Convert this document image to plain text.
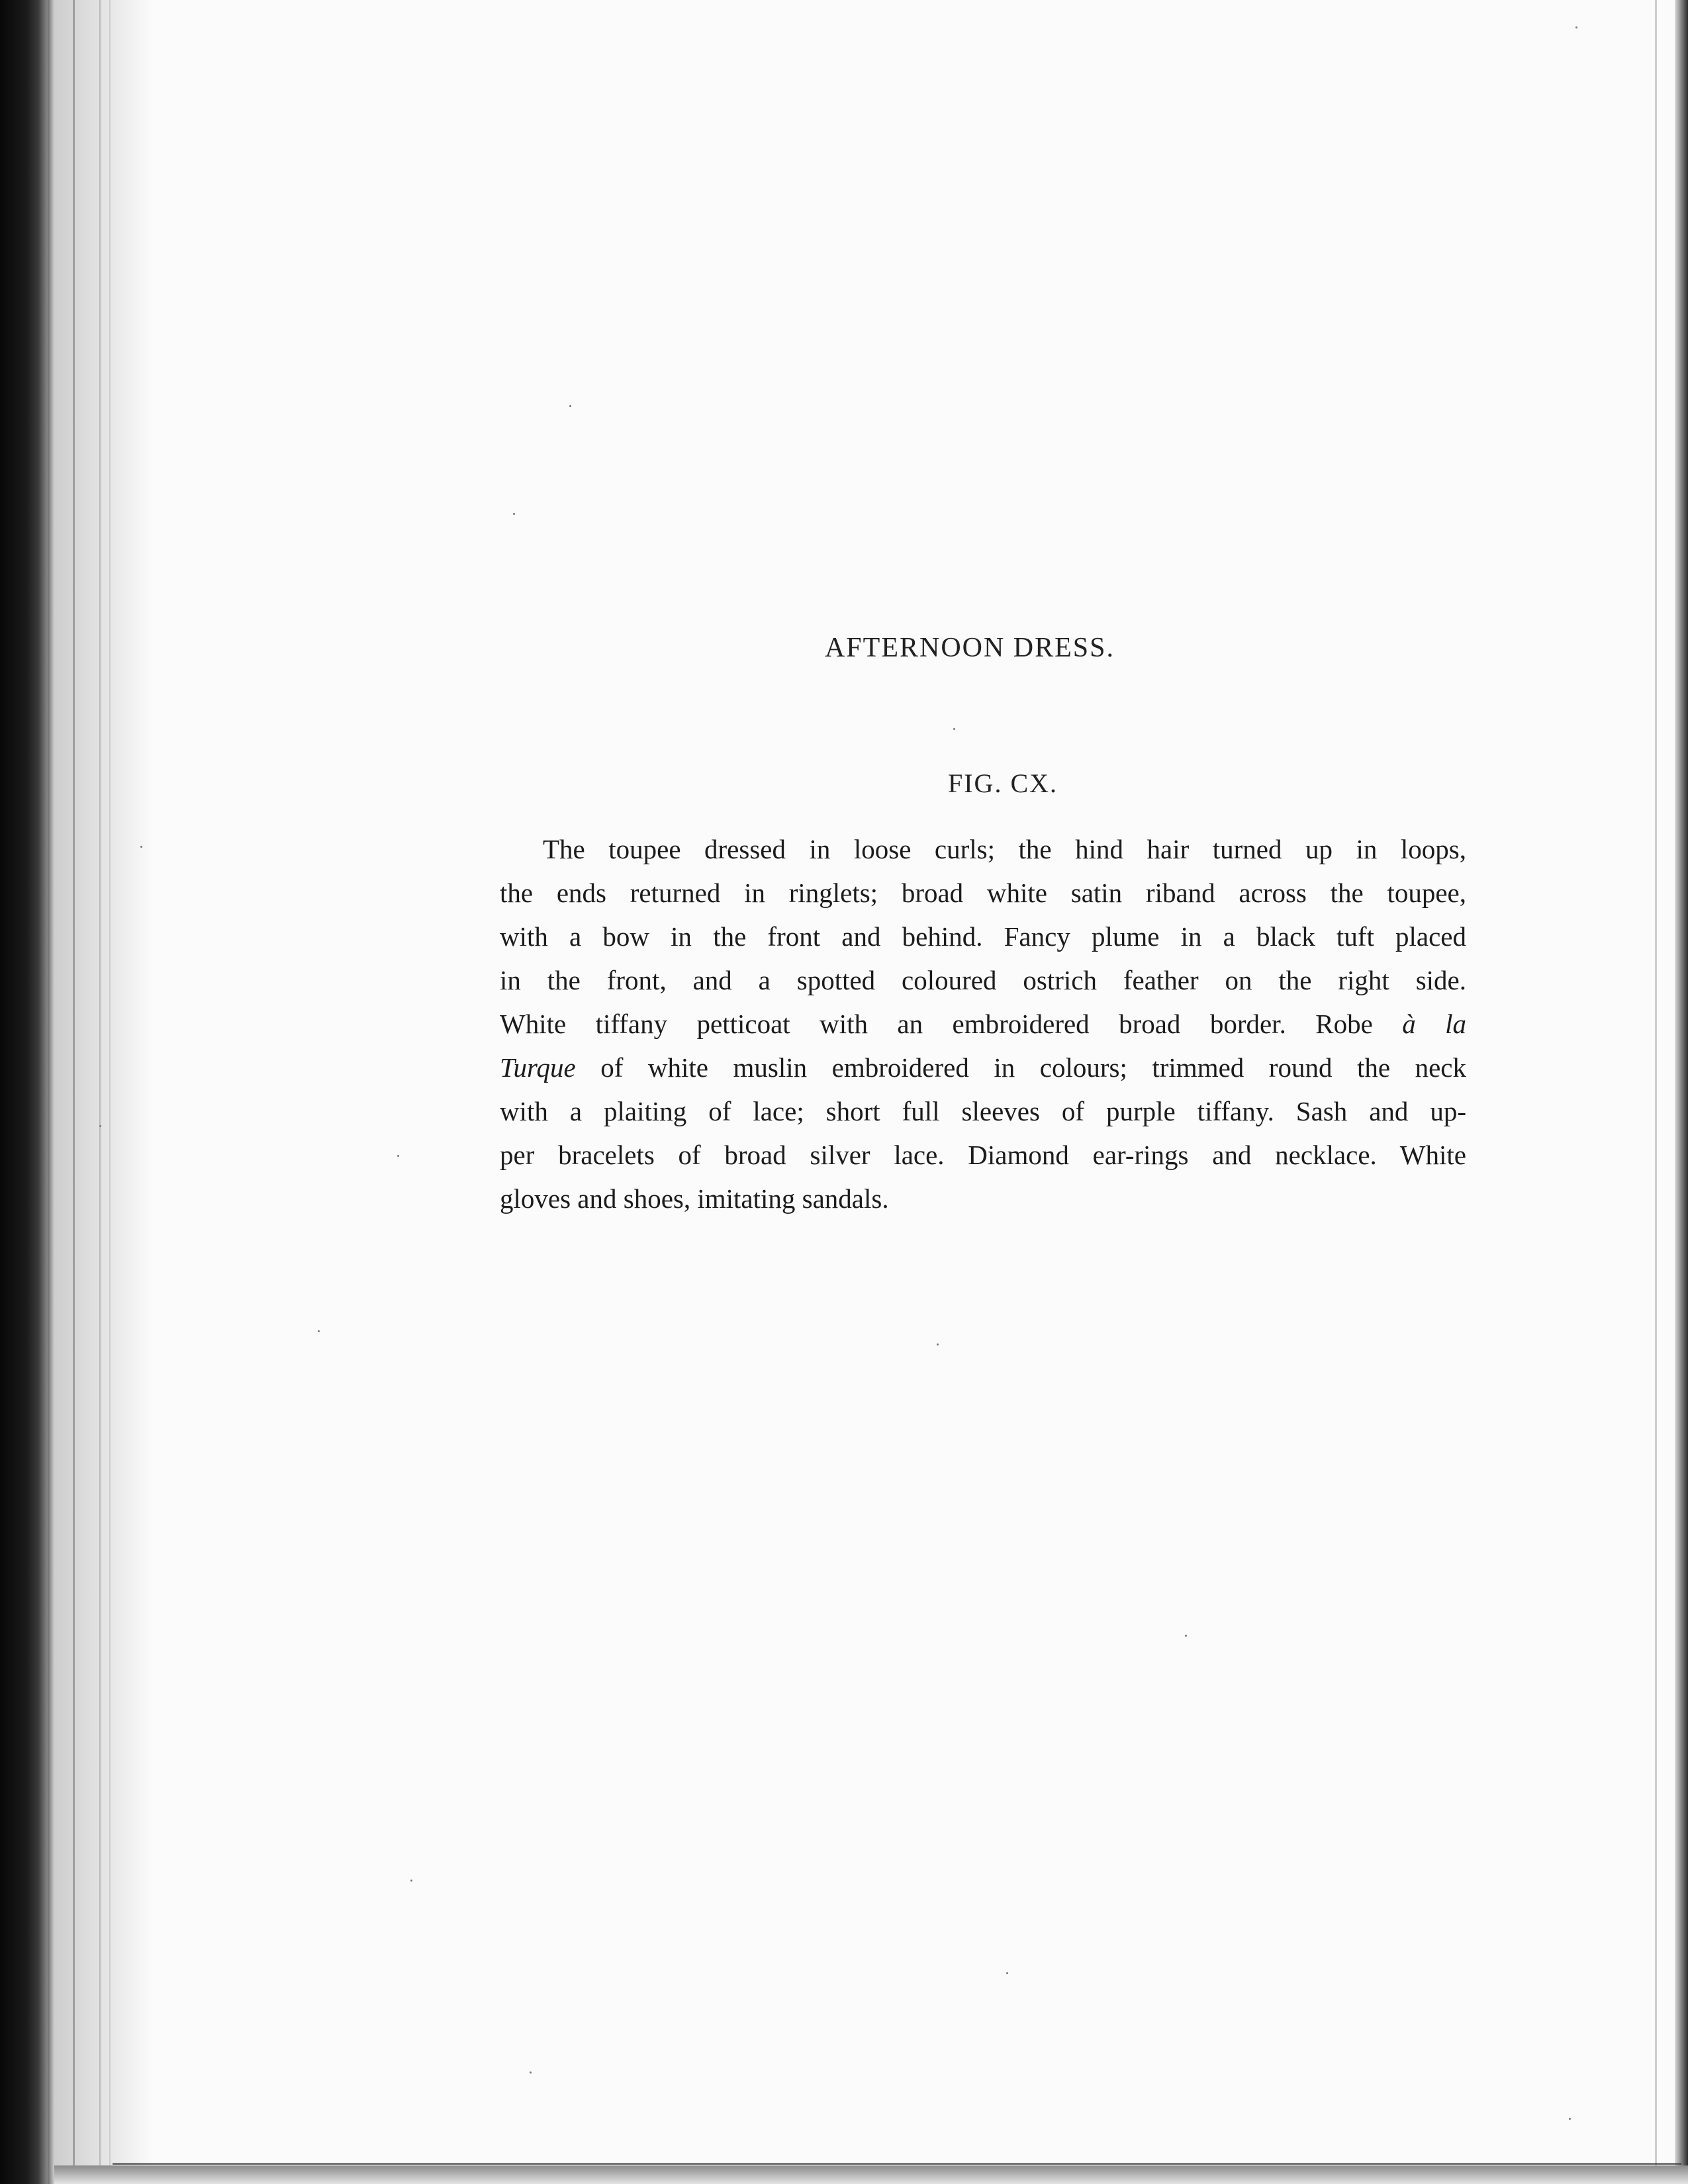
AFTERNOON DRESS.
FIG. CX.

The toupee dressed in loose curls; the hind hair turned up in loops,
the ends returned in ringlets; broad white satin riband across the toupee,
with a bow in the front and behind. Fancy plume in a black tuft placed
in the front, and a spotted coloured ostrich feather on the right side.
White tiffany petticoat with an embroidered broad border. Robe à la
Turque of white muslin embroidered in colours; trimmed round the neck
with a plaiting of lace; short full sleeves of purple tiffany. Sash and up-
per bracelets of broad silver lace. Diamond ear-rings and necklace. White
gloves and shoes, imitating sandals.
